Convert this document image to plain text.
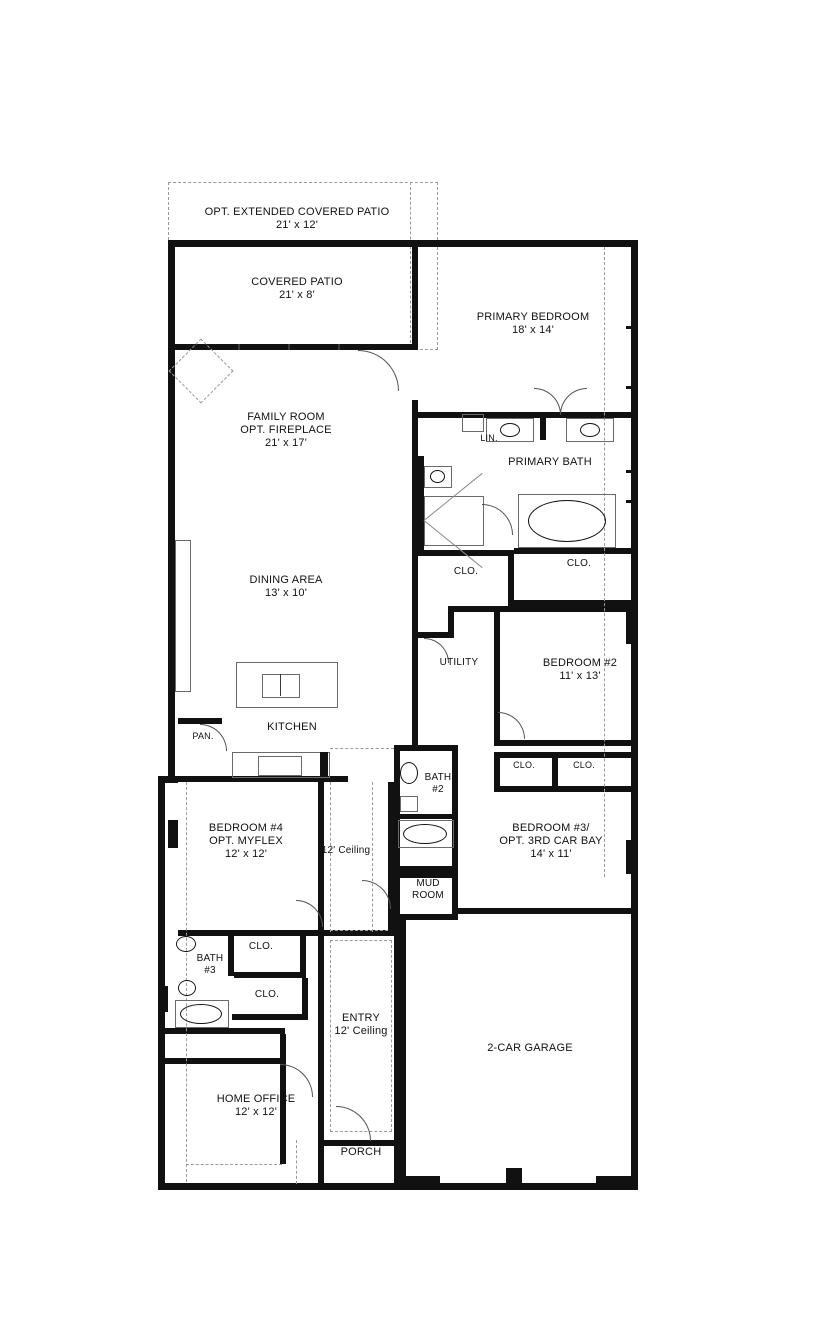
OPT. EXTENDED COVERED PATIO
21' x 12'
COVERED PATIO
21' x 8'
PRIMARY BEDROOM
18' x 14'
FAMILY ROOM
OPT. FIREPLACE
21' x 17'
PRIMARY BATH
LIN.
DINING AREA
13' x 10'
CLO.
CLO.
UTILITY	BEDROOM #2
11' x 13'
KITCHEN
PAN.
BATH
#2
CLO.	CLO.
BEDROOM #4
OPT. MYFLEX
12' x 12'	12' Ceiling
BEDROOM #3/
OPT. 3RD CAR BAY
14' x 11'
MUD
ROOM
BATH
#3
CLO.
CLO.
ENTRY
12' Ceiling
2-CAR GARAGE
HOME OFFICE
12' x 12'
PORCH
